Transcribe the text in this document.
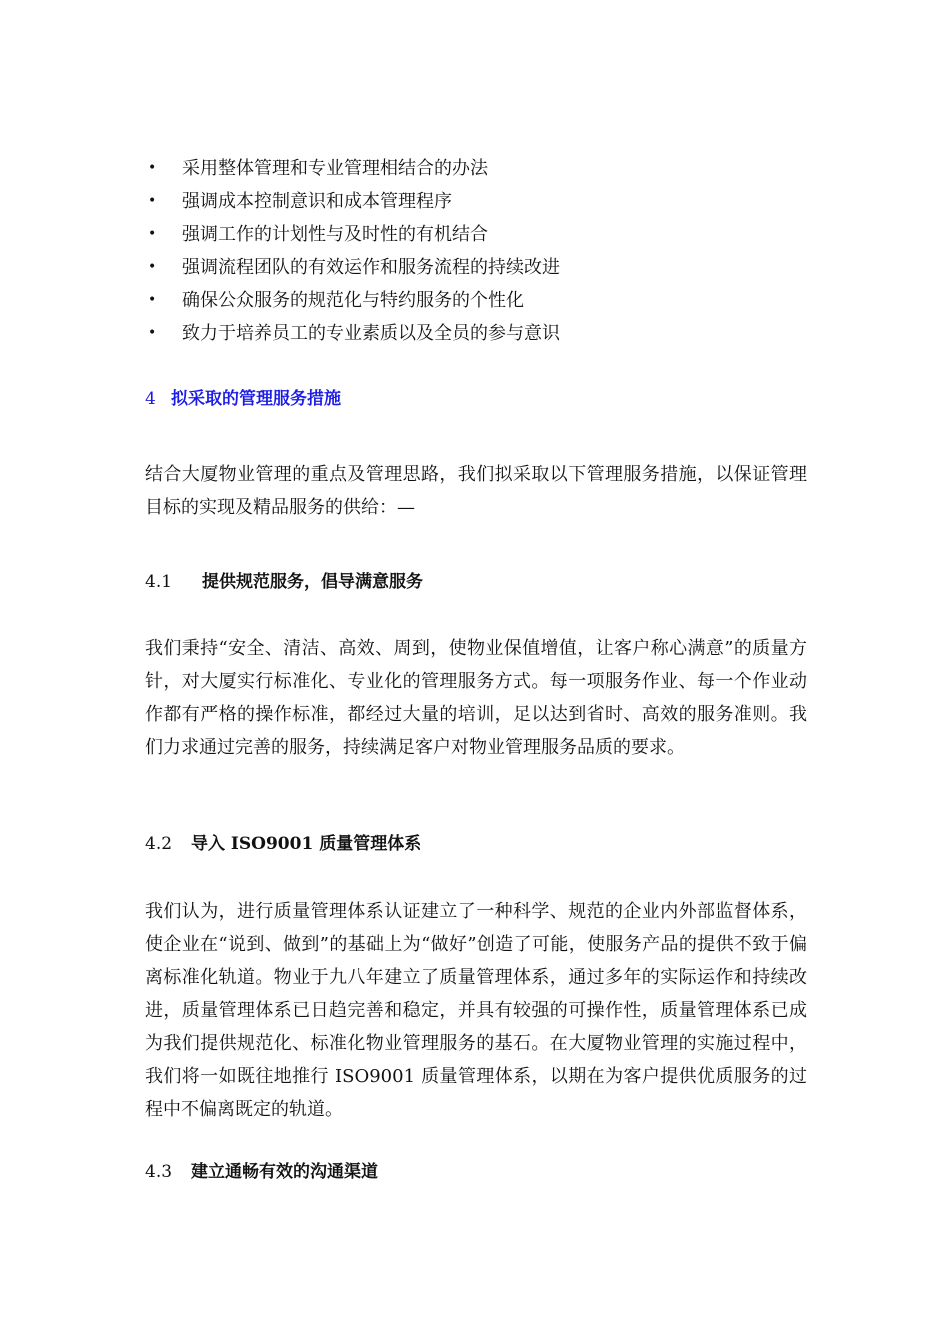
•	采用整体管理和专业管理相结合的办法
•	强调成本控制意识和成本管理程序
•	强调工作的计划性与及时性的有机结合
•	强调流程团队的有效运作和服务流程的持续改进
•	确保公众服务的规范化与特约服务的个性化
•	致力于培养员工的专业素质以及全员的参与意识
4 拟采取的管理服务措施

结合大厦物业管理的重点及管理思路，我们拟采取以下管理服务措施，以保证管理目标的实现及精品服务的供给：—

4.1 提供规范服务，倡导满意服务

我们秉持“安全、清洁、高效、周到，使物业保值增值，让客户称心满意”的质量方针，对大厦实行标准化、专业化的管理服务方式。每一项服务作业、每一个作业动作都有严格的操作标准，都经过大量的培训，足以达到省时、高效的服务准则。我们力求通过完善的服务，持续满足客户对物业管理服务品质的要求。

4.2 导入 ISO9001 质量管理体系

我们认为，进行质量管理体系认证建立了一种科学、规范的企业内外部监督体系，使企业在“说到、做到”的基础上为“做好”创造了可能，使服务产品的提供不致于偏离标准化轨道。物业于九八年建立了质量管理体系，通过多年的实际运作和持续改进，质量管理体系已日趋完善和稳定，并具有较强的可操作性，质量管理体系已成为我们提供规范化、标准化物业管理服务的基石。在大厦物业管理的实施过程中，我们将一如既往地推行 ISO9001 质量管理体系，以期在为客户提供优质服务的过程中不偏离既定的轨道。

4.3 建立通畅有效的沟通渠道
